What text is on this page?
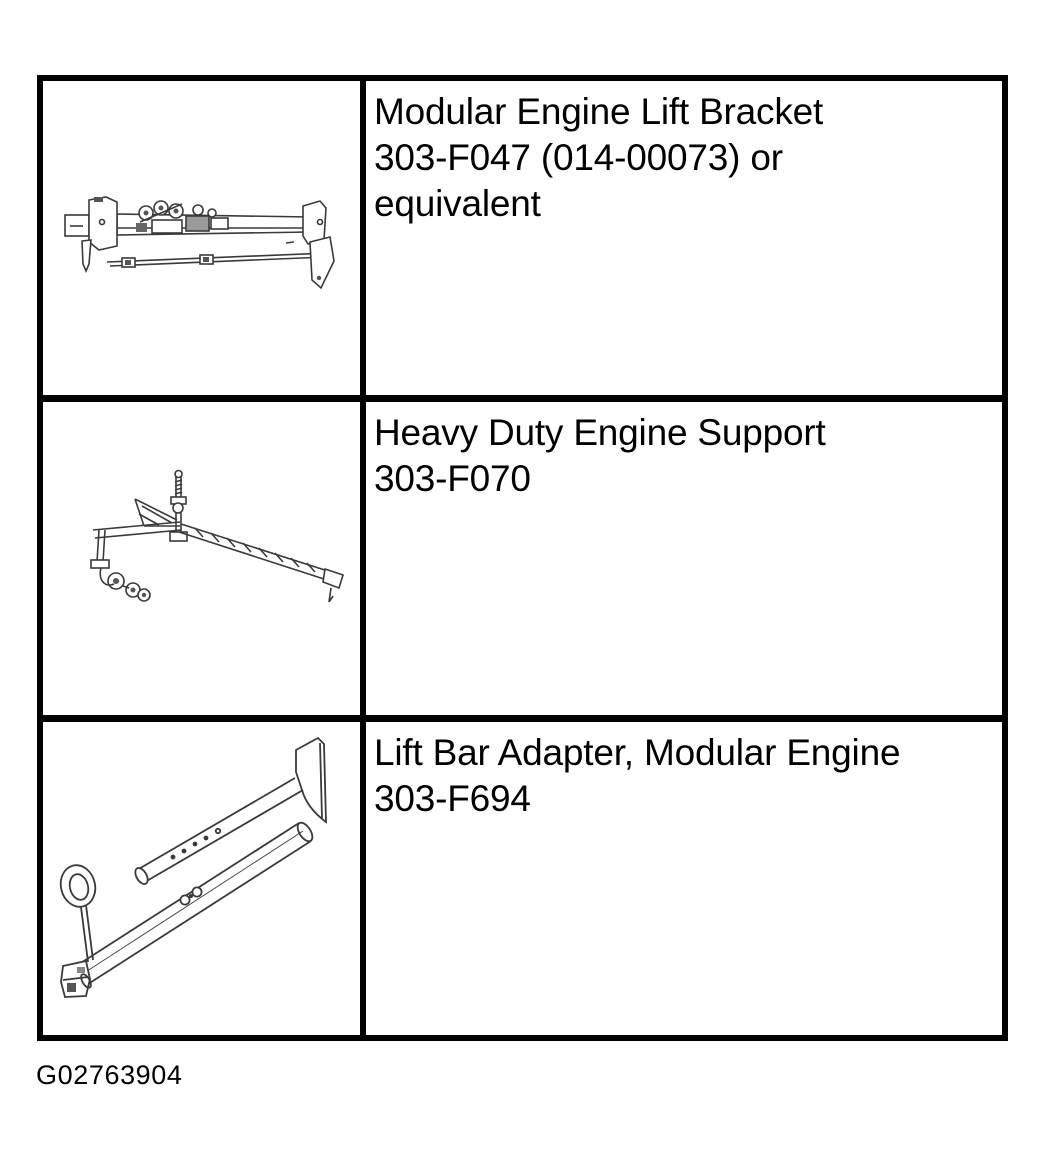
Modular Engine Lift Bracket
303-F047 (014-00073) or
equivalent
Heavy Duty Engine Support
303-F070
Lift Bar Adapter, Modular Engine
303-F694
G02763904
